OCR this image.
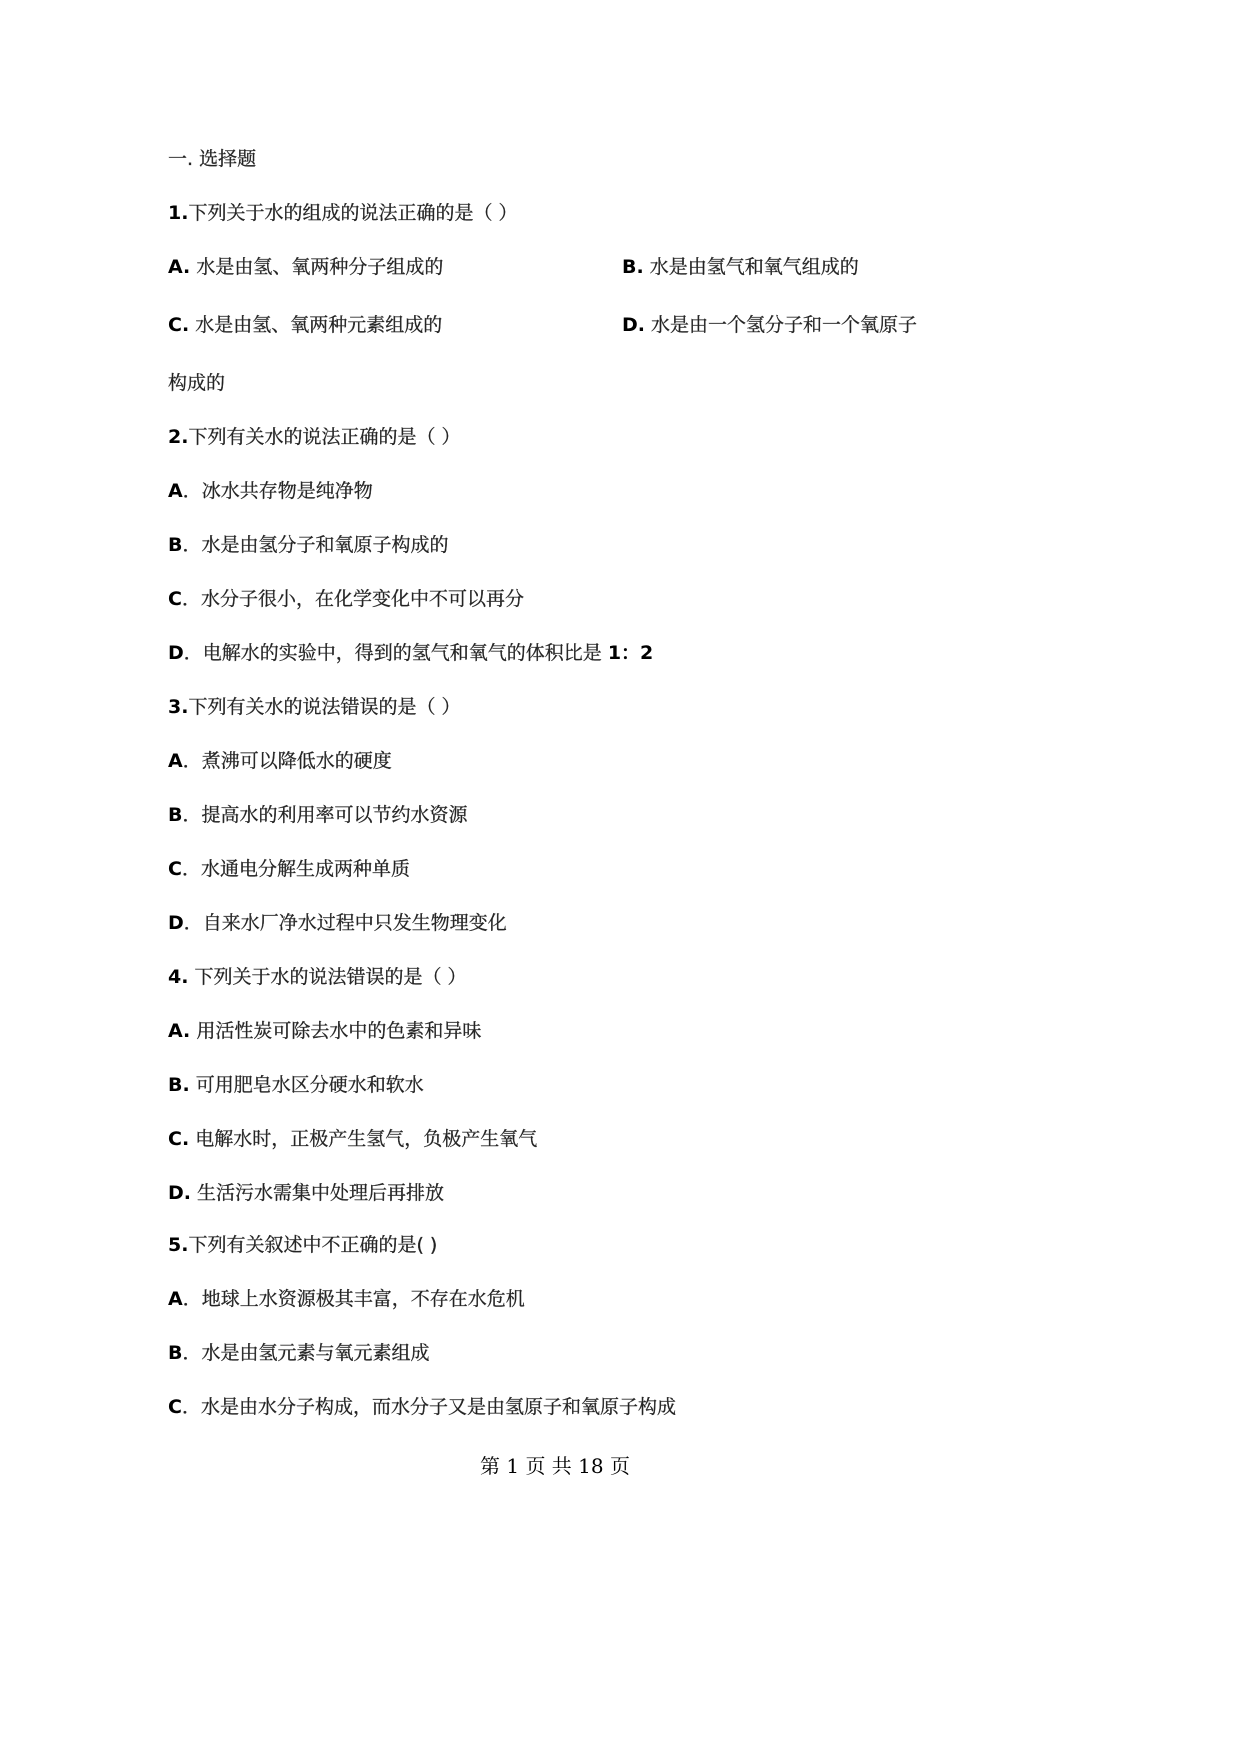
一. 选择题
1.下列关于水的组成的说法正确的是（ ）
A. 水是由氢、氧两种分子组成的	B. 水是由氢气和氧气组成的
C. 水是由氢、氧两种元素组成的	D. 水是由一个氢分子和一个氧原子
构成的
2.下列有关水的说法正确的是（ ）
A．冰水共存物是纯净物
B．水是由氢分子和氧原子构成的
C．水分子很小，在化学变化中不可以再分
D．电解水的实验中，得到的氢气和氧气的体积比是 1：2
3.下列有关水的说法错误的是（ ）
A．煮沸可以降低水的硬度
B．提高水的利用率可以节约水资源
C．水通电分解生成两种单质
D．自来水厂净水过程中只发生物理变化
4. 下列关于水的说法错误的是（ ）
A. 用活性炭可除去水中的色素和异味
B. 可用肥皂水区分硬水和软水
C. 电解水时，正极产生氢气，负极产生氧气
D. 生活污水需集中处理后再排放
5.下列有关叙述中不正确的是( )
A．地球上水资源极其丰富，不存在水危机
B．水是由氢元素与氧元素组成
C．水是由水分子构成，而水分子又是由氢原子和氧原子构成
第 1 页 共 18 页
